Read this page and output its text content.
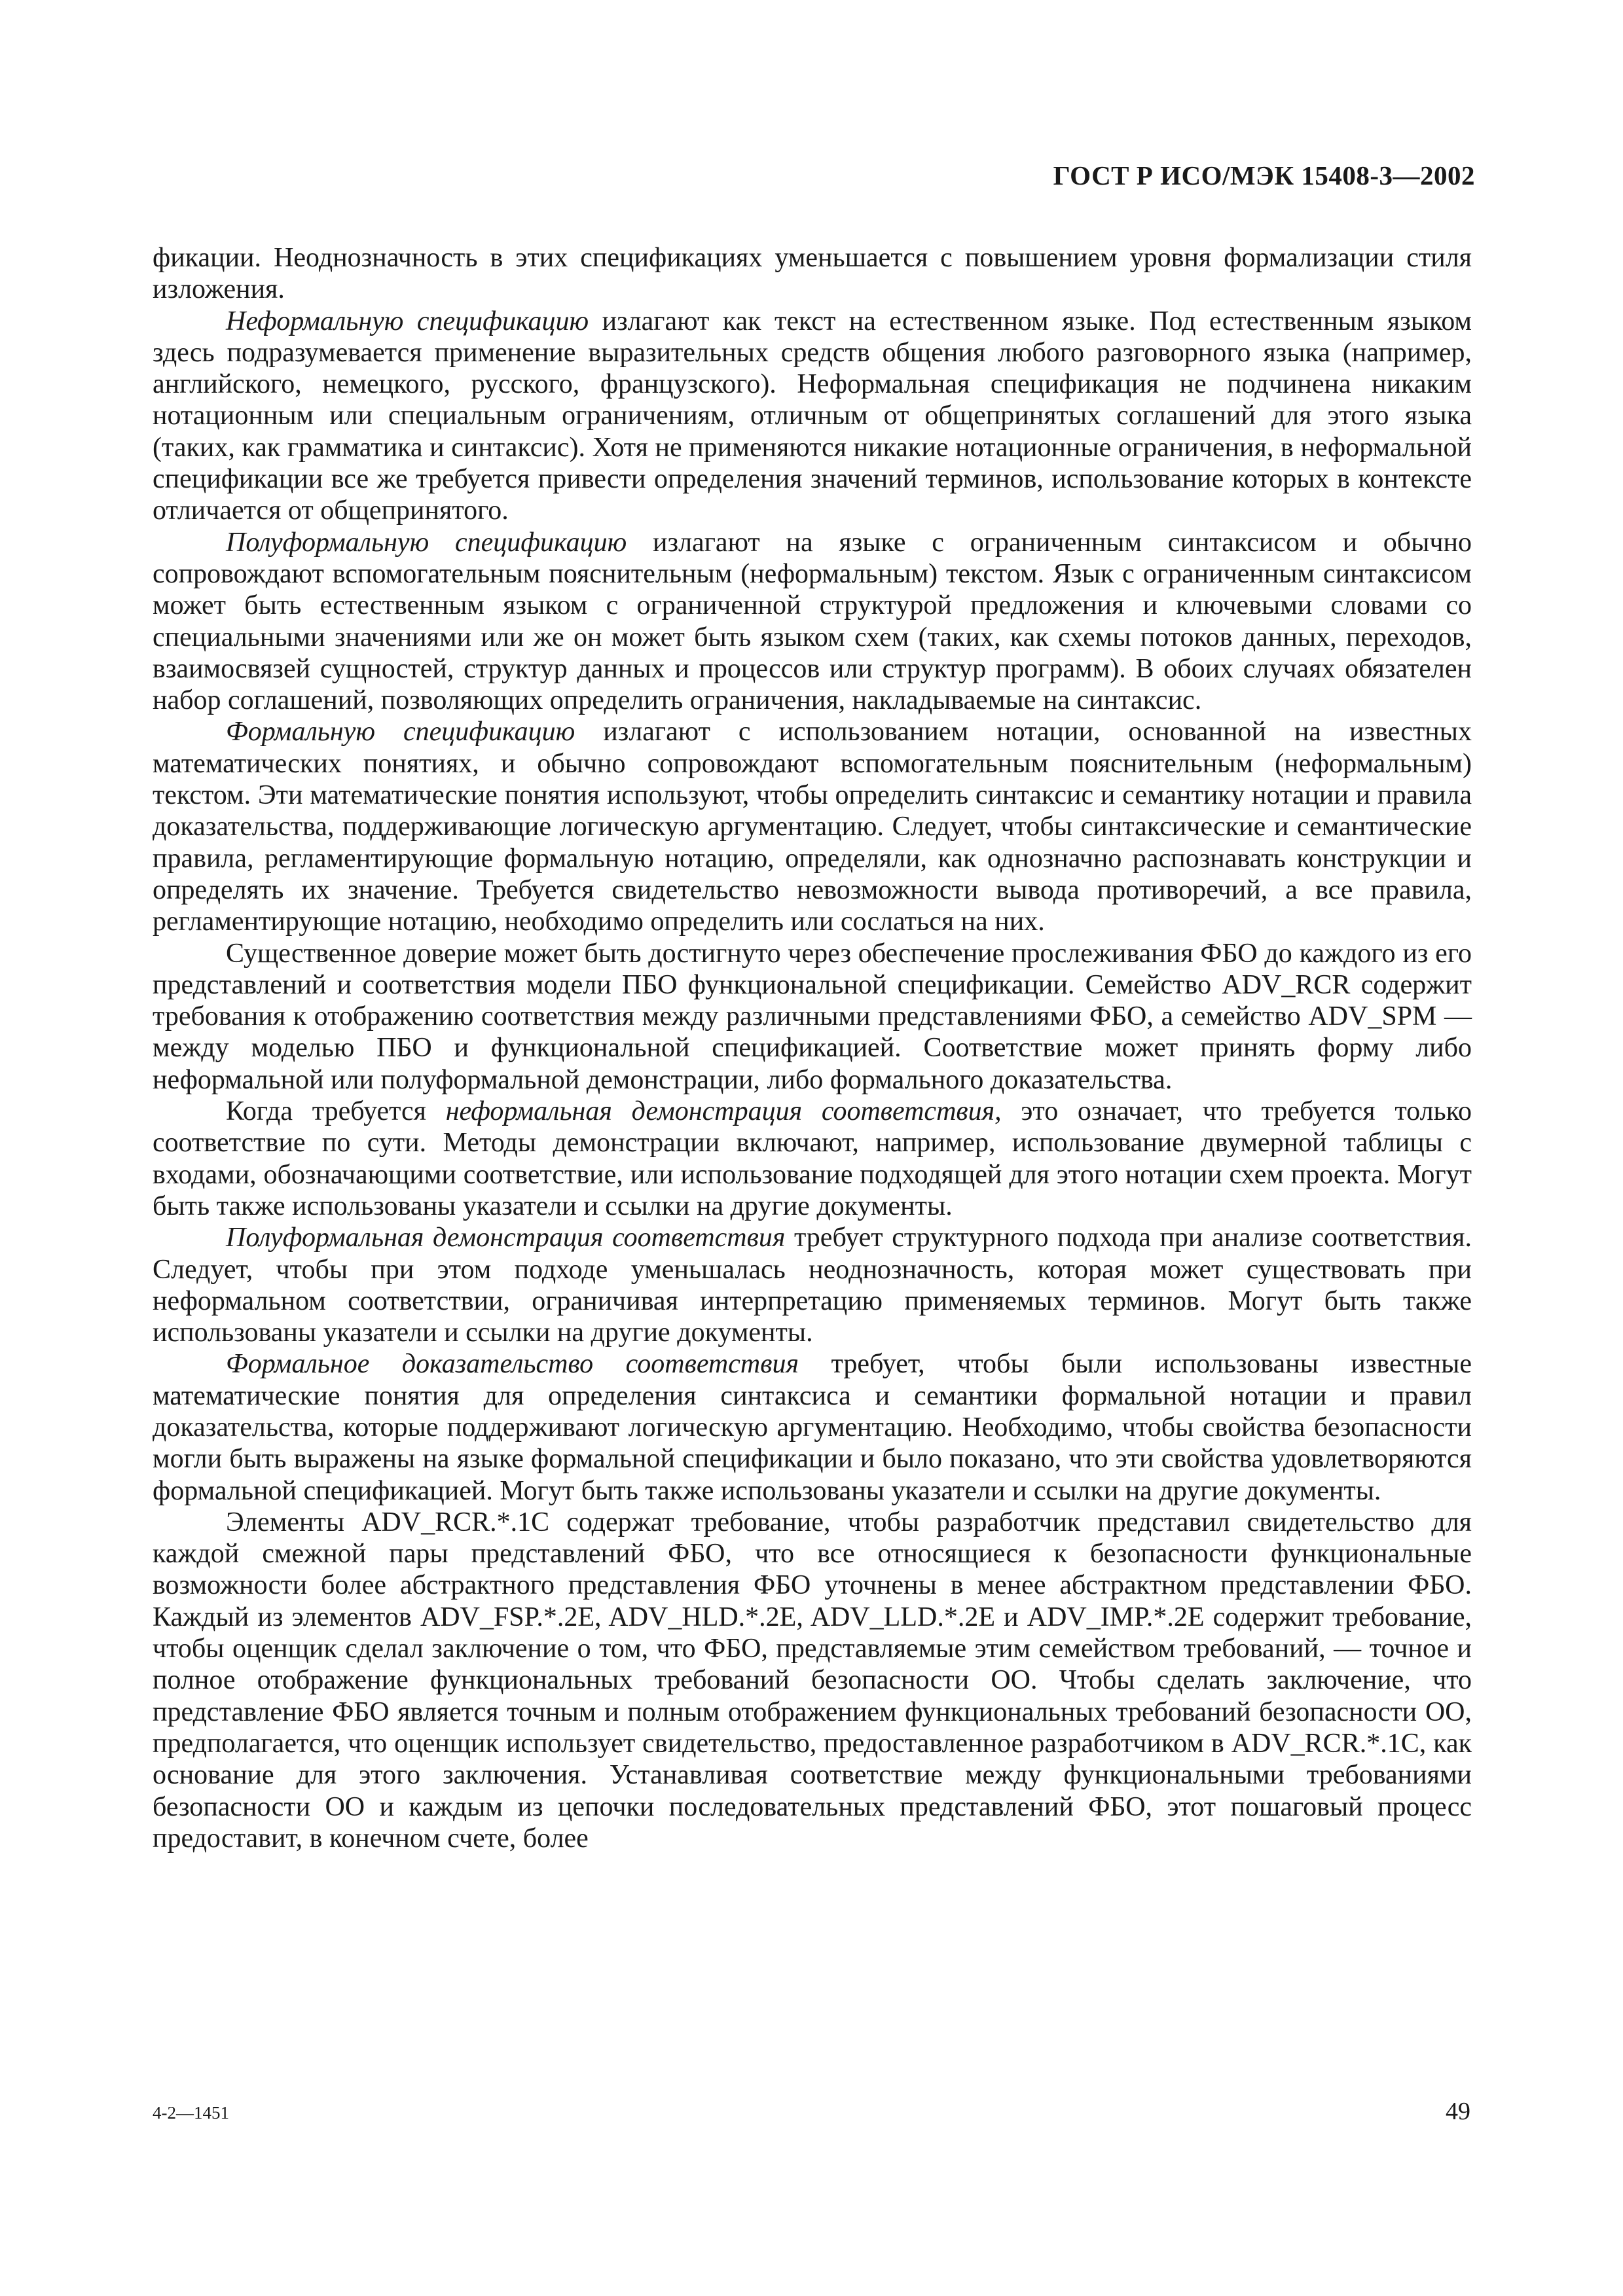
ГОСТ Р ИСО/МЭК 15408-3—2002

фикации. Неоднозначность в этих спецификациях уменьшается с повышением уровня формализации стиля изложения.

Неформальную спецификацию излагают как текст на естественном языке. Под естественным языком здесь подразумевается применение выразительных средств общения любого разговорного языка (например, английского, немецкого, русского, французского). Неформальная спецификация не подчинена никаким нотационным или специальным ограничениям, отличным от общепринятых соглашений для этого языка (таких, как грамматика и синтаксис). Хотя не применяются никакие нотационные ограничения, в неформальной спецификации все же требуется привести определения значений терминов, использование которых в контексте отличается от общепринятого.

Полуформальную спецификацию излагают на языке с ограниченным синтаксисом и обычно сопровождают вспомогательным пояснительным (неформальным) текстом. Язык с ограниченным синтаксисом может быть естественным языком с ограниченной структурой предложения и ключевыми словами со специальными значениями или же он может быть языком схем (таких, как схемы потоков данных, переходов, взаимосвязей сущностей, структур данных и процессов или структур программ). В обоих случаях обязателен набор соглашений, позволяющих определить ограничения, накладываемые на синтаксис.

Формальную спецификацию излагают с использованием нотации, основанной на известных математических понятиях, и обычно сопровождают вспомогательным пояснительным (неформальным) текстом. Эти математические понятия используют, чтобы определить синтаксис и семантику нотации и правила доказательства, поддерживающие логическую аргументацию. Следует, чтобы синтаксические и семантические правила, регламентирующие формальную нотацию, определяли, как однозначно распознавать конструкции и определять их значение. Требуется свидетельство невозможности вывода противоречий, а все правила, регламентирующие нотацию, необходимо определить или сослаться на них.

Существенное доверие может быть достигнуто через обеспечение прослеживания ФБО до каждого из его представлений и соответствия модели ПБО функциональной спецификации. Семейство ADV_RCR содержит требования к отображению соответствия между различными представлениями ФБО, а семейство ADV_SPM — между моделью ПБО и функциональной спецификацией. Соответствие может принять форму либо неформальной или полуформальной демонстрации, либо формального доказательства.

Когда требуется неформальная демонстрация соответствия, это означает, что требуется только соответствие по сути. Методы демонстрации включают, например, использование двумерной таблицы с входами, обозначающими соответствие, или использование подходящей для этого нотации схем проекта. Могут быть также использованы указатели и ссылки на другие документы.

Полуформальная демонстрация соответствия требует структурного подхода при анализе соответствия. Следует, чтобы при этом подходе уменьшалась неоднозначность, которая может существовать при неформальном соответствии, ограничивая интерпретацию применяемых терминов. Могут быть также использованы указатели и ссылки на другие документы.

Формальное доказательство соответствия требует, чтобы были использованы известные математические понятия для определения синтаксиса и семантики формальной нотации и правил доказательства, которые поддерживают логическую аргументацию. Необходимо, чтобы свойства безопасности могли быть выражены на языке формальной спецификации и было показано, что эти свойства удовлетворяются формальной спецификацией. Могут быть также использованы указатели и ссылки на другие документы.

Элементы ADV_RCR.*.1C содержат требование, чтобы разработчик представил свидетельство для каждой смежной пары представлений ФБО, что все относящиеся к безопасности функциональные возможности более абстрактного представления ФБО уточнены в менее абстрактном представлении ФБО. Каждый из элементов ADV_FSP.*.2E, ADV_HLD.*.2E, ADV_LLD.*.2E и ADV_IMP.*.2E содержит требование, чтобы оценщик сделал заключение о том, что ФБО, представляемые этим семейством требований, — точное и полное отображение функциональных требований безопасности ОО. Чтобы сделать заключение, что представление ФБО является точным и полным отображением функциональных требований безопасности ОО, предполагается, что оценщик использует свидетельство, предоставленное разработчиком в ADV_RCR.*.1C, как основание для этого заключения. Устанавливая соответствие между функциональными требованиями безопасности ОО и каждым из цепочки последовательных представлений ФБО, этот пошаговый процесс предоставит, в конечном счете, более

4-2—1451	49
